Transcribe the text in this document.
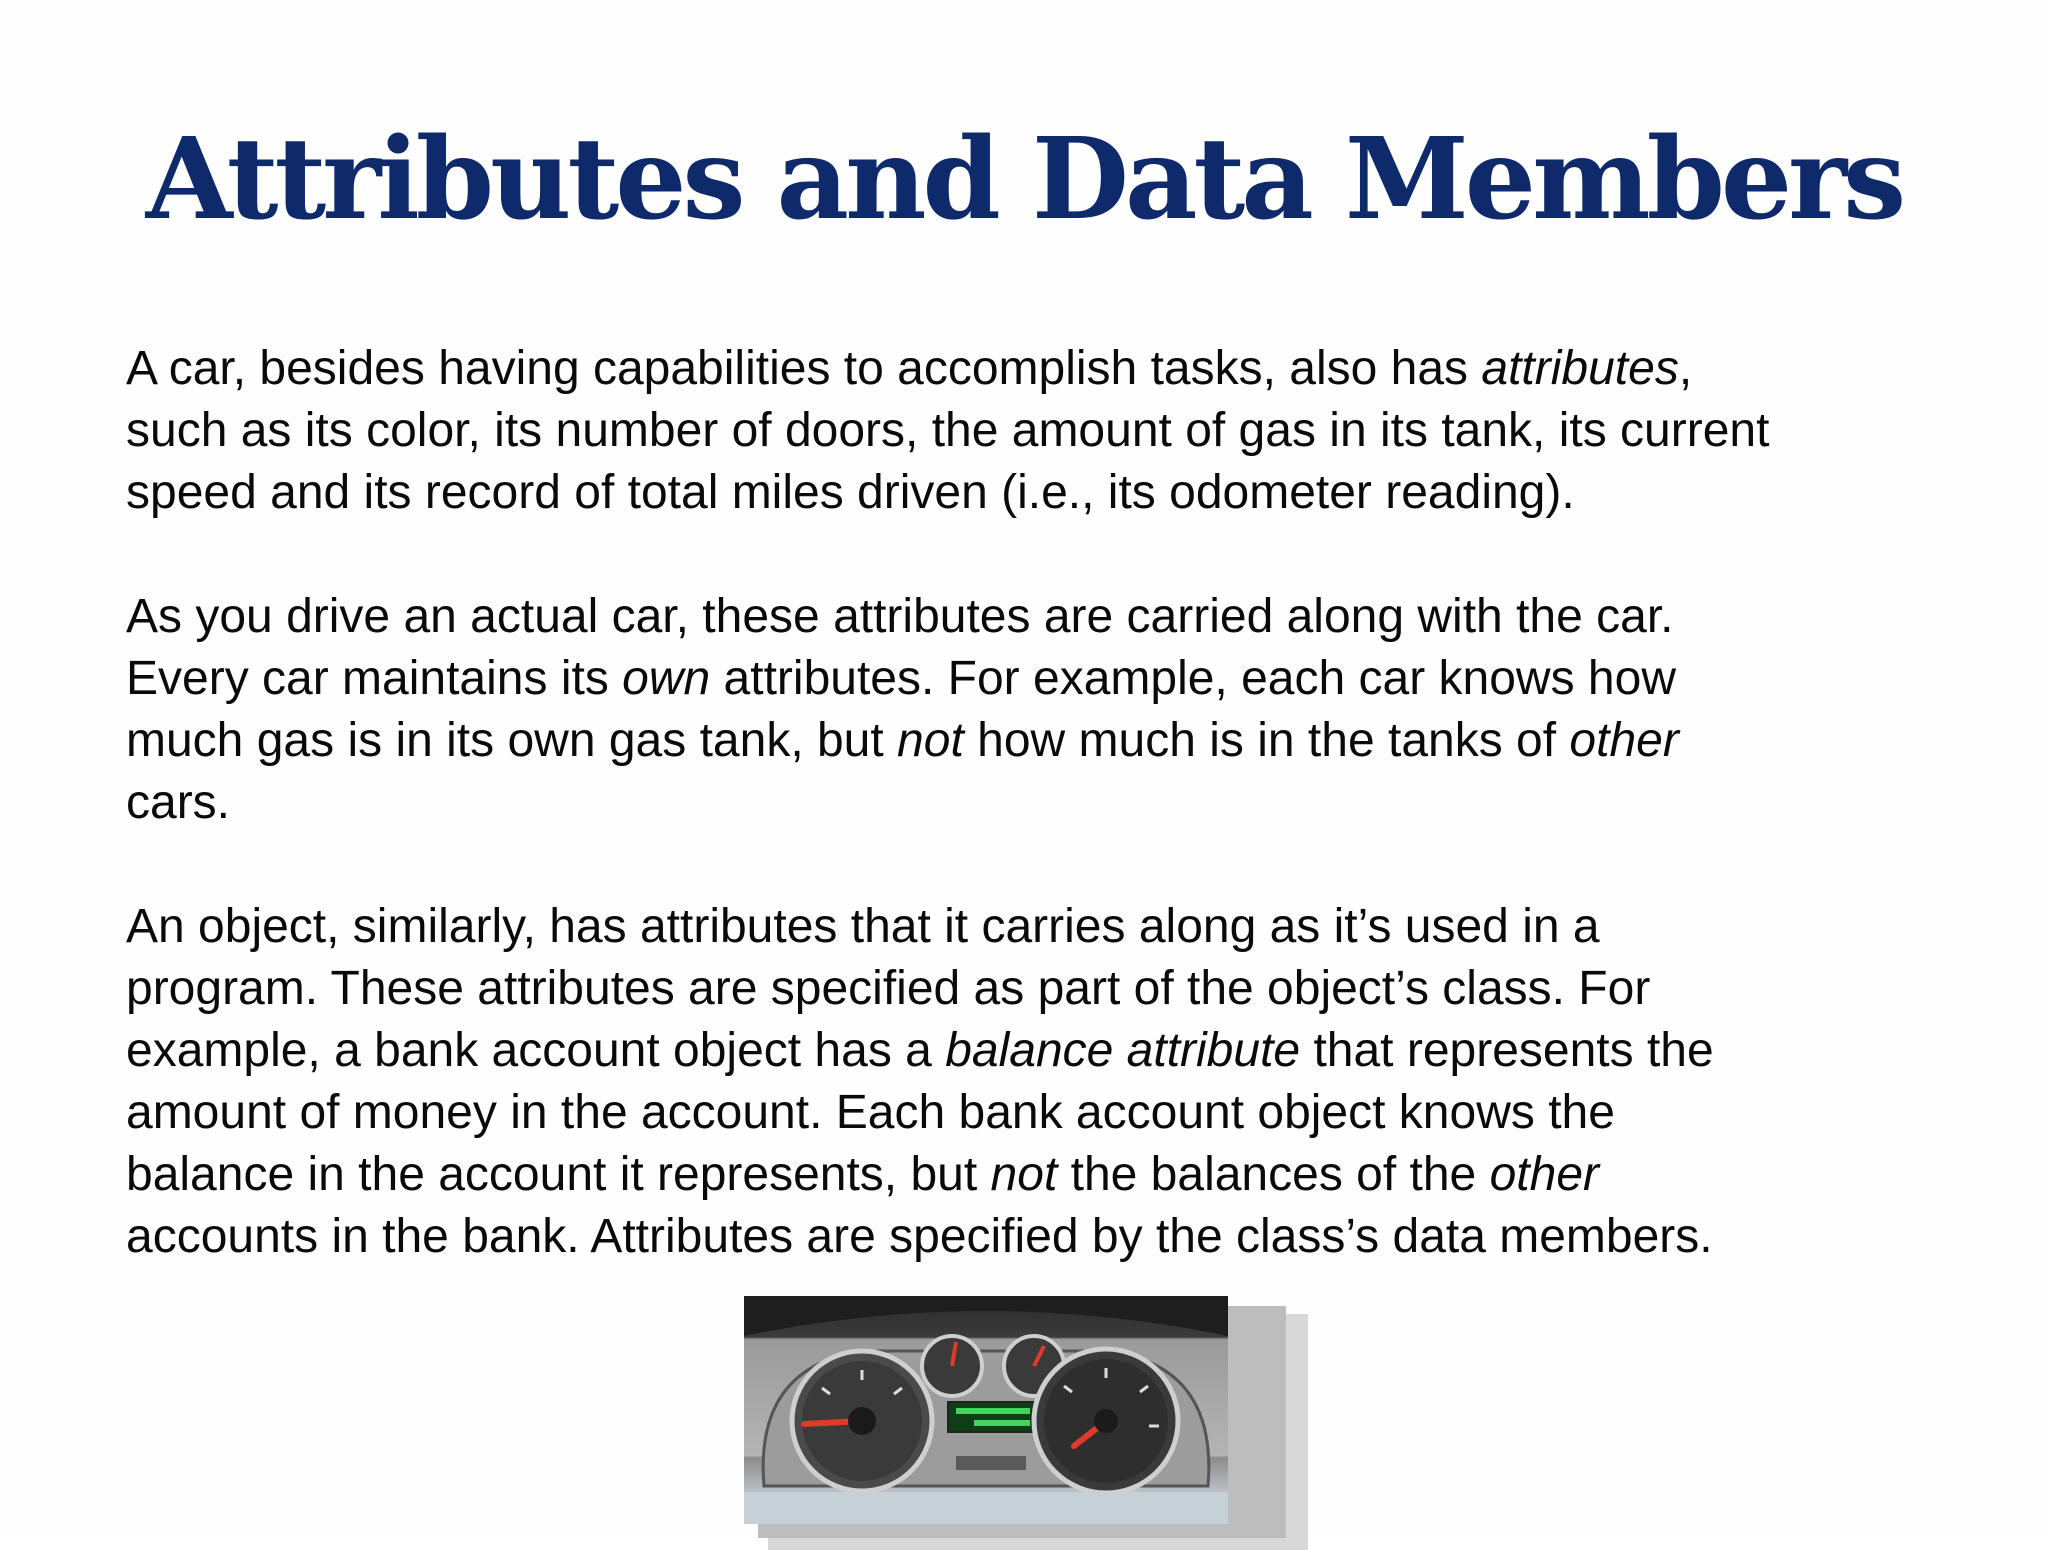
Attributes and Data Members

A car, besides having capabilities to accomplish tasks, also has attributes,
such as its color, its number of doors, the amount of gas in its tank, its current
speed and its record of total miles driven (i.e., its odometer reading).

As you drive an actual car, these attributes are carried along with the car.
Every car maintains its own attributes. For example, each car knows how
much gas is in its own gas tank, but not how much is in the tanks of other
cars.

An object, similarly, has attributes that it carries along as it’s used in a
program. These attributes are specified as part of the object’s class. For
example, a bank account object has a balance attribute that represents the
amount of money in the account. Each bank account object knows the
balance in the account it represents, but not the balances of the other
accounts in the bank. Attributes are specified by the class’s data members.
